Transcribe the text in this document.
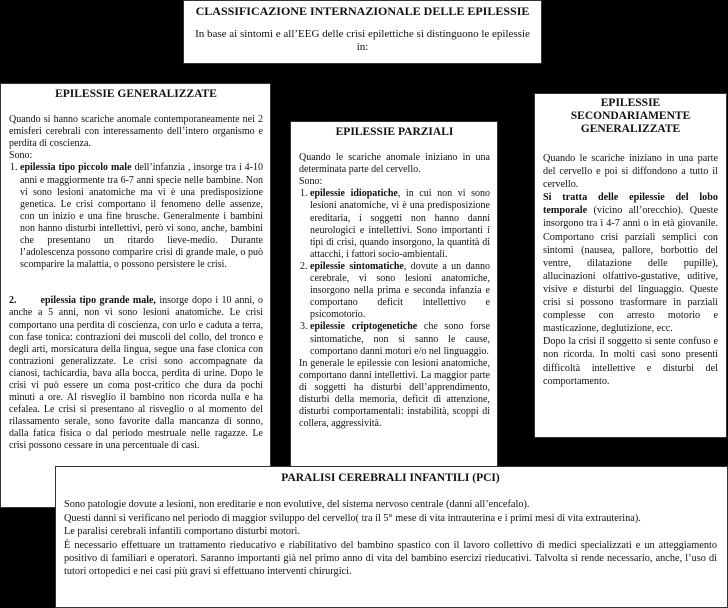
CLASSIFICAZIONE INTERNAZIONALE DELLE EPILESSIE

In base ai sintomi e all’EEG delle crisi epilettiche si distinguono le epilessie in:

EPILESSIE GENERALIZZATE

Quando si hanno scariche anomale contemporaneamente nei 2 emisferi cerebrali con interessamento dell’intero organismo e perdita di coscienza.

Sono:

1. epilessia tipo piccolo male dell’infanzia , insorge tra i 4-10 anni e maggiormente tra 6-7 anni specie nelle bambine. Non vi sono lesioni anatomiche ma vi è una predisposizione genetica. Le crisi comportano il fenomeno delle assenze, con un inizio e una fine brusche. Generalmente i bambini non hanno disturbi intellettivi, però vi sono, anche, bambini che presentano un ritardo lieve-medio. Durante l’adolescenza possono comparire crisi di grande male, o può scomparire la malattia, o possono persistere le crisi.

2. epilessia tipo grande male, insorge dopo i 10 anni, o anche a 5 anni, non vi sono lesioni anatomiche. Le crisi comportano una perdita di coscienza, con urlo e caduta a terra, con fase tonica: contrazioni dei muscoli del collo, del tronco e degli arti, morsicatura della lingua, segue una fase clonica con contrazioni generalizzate. Le crisi sono accompagnate da cianosi, tachicardia, bava alla bocca, perdita di urine. Dopo le crisi vi può essere un coma post-critico che dura da pochi minuti a ore. Al risveglio il bambino non ricorda nulla e ha cefalea. Le crisi si presentano al risveglio o al momento del rilassamento serale, sono favorite dalla mancanza di sonno, dalla fatica fisica o dal periodo mestruale nelle ragazze. Le crisi possono cessare in una percentuale di casi.

EPILESSIE PARZIALI

Quando le scariche anomale iniziano in una determinata parte del cervello.

Sono:

1. epilessie idiopatiche, in cui non vi sono lesioni anatomiche, vi è una predisposizione ereditaria, i soggetti non hanno danni neurologici e intellettivi. Sono importanti i tipi di crisi, quando insorgono, la quantità di attacchi, i fattori socio-ambientali.
2. epilessie sintomatiche, dovute a un danno cerebrale, vi sono lesioni anatomiche, insorgono nella prima e seconda infanzia e comportano deficit intellettivo e psicomotorio.
3. epilessie criptogenetiche che sono forse sintomatiche, non si sanno le cause, comportano danni motori e/o nel linguaggio.

In generale le epilessie con lesioni anatomiche, comportano danni intellettivi. La maggior parte di soggetti ha disturbi dell’apprendimento, disturbi della memoria, deficit di attenzione, disturbi comportamentali: instabilità, scoppi di collera, aggressività.

EPILESSIE SECONDARIAMENTE GENERALIZZATE

Quando le scariche iniziano in una parte del cervello e poi si diffondono a tutto il cervello.

Si tratta delle epilessie del lobo temporale (vicino all’orecchio). Queste insorgono tra i 4-7 anni o in età giovanile. Comportano crisi parziali semplici con sintomi (nausea, pallore, borbottio del ventre, dilatazione delle pupille), allucinazioni olfattivo-gustative, uditive, visive e disturbi del linguaggio. Queste crisi si possono trasformare in parziali complesse con arresto motorio e masticazione, deglutizione, ecc.

Dopo la crisi il soggetto si sente confuso e non ricorda. In molti casi sono presenti difficoltà intellettive e disturbi del comportamento.

PARALISI CEREBRALI INFANTILI (PCI)

Sono patologie dovute a lesioni, non ereditarie e non evolutive, del sistema nervoso centrale (danni all’encefalo).

Questi danni si verificano nel periodo di maggior sviluppo del cervello( tra il 5° mese di vita intrauterina e i primi mesi di vita extrauterina).

Le paralisi cerebrali infantili comportano disturbi motori.

È necessario effettuare un trattamento rieducativo e riabilitativo del bambino spastico con il lavoro collettivo di medici specializzati e un atteggiamento positivo di familiari e operatori. Saranno importanti già nel primo anno di vita del bambino esercizi rieducativi. Talvolta si rende necessario, anche, l’uso di tutori ortopedici e nei casi più gravi si effettuano interventi chirurgici.
